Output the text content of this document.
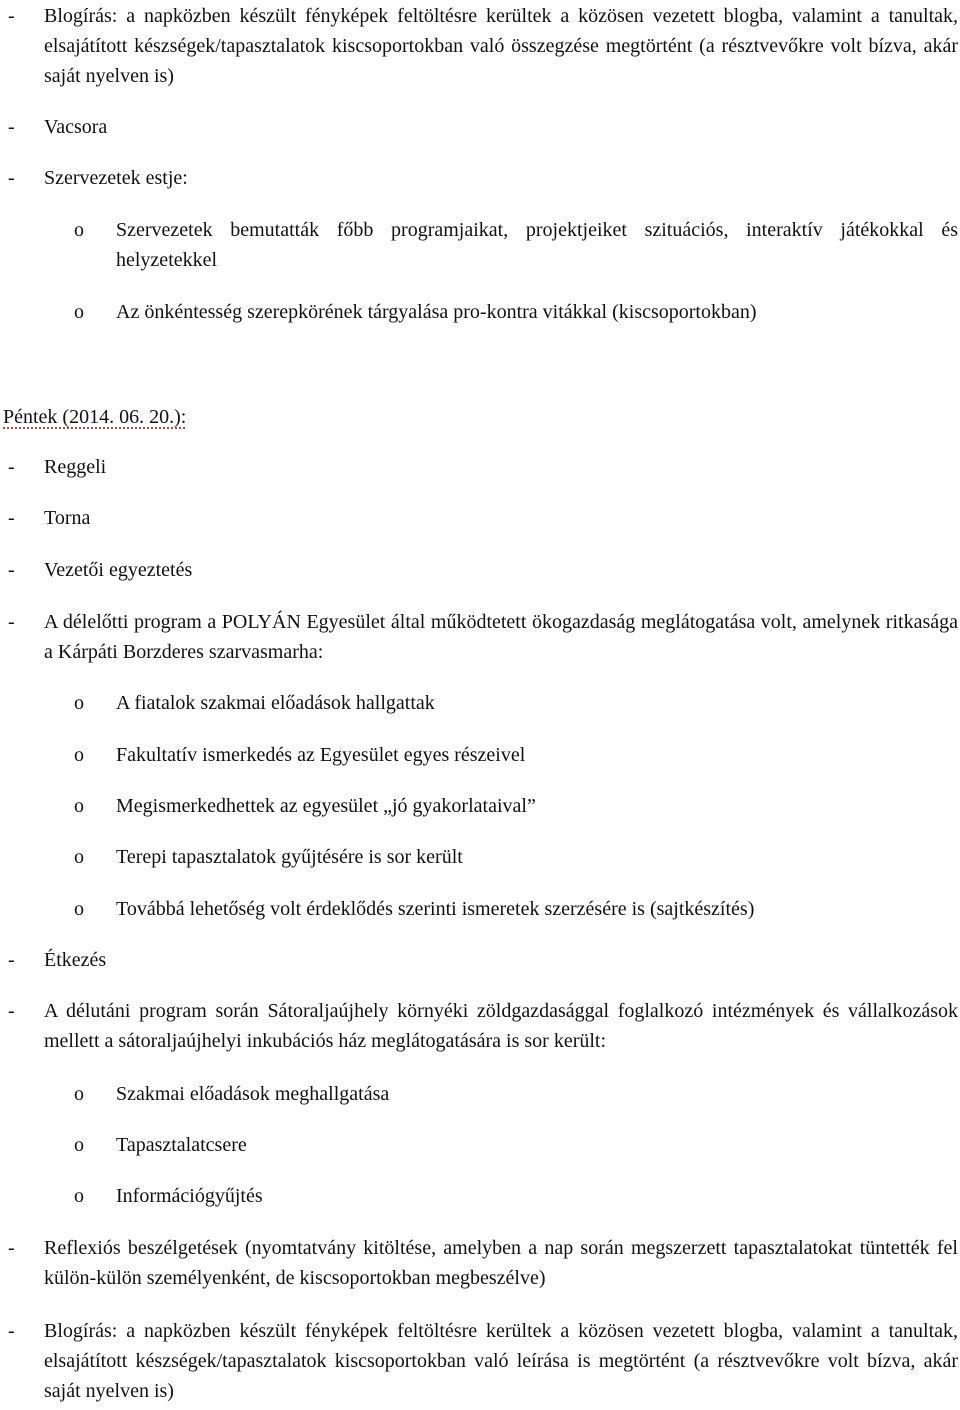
- Blogírás: a napközben készült fényképek feltöltésre kerültek a közösen vezetett blogba, valamint a tanultak, elsajátított készségek/tapasztalatok kiscsoportokban való összegzése megtörtént (a résztvevőkre volt bízva, akár saját nyelven is)

- Vacsora

- Szervezetek estje:

o Szervezetek bemutatták főbb programjaikat, projektjeiket szituációs, interaktív játékokkal és helyzetekkel

o Az önkéntesség szerepkörének tárgyalása pro-kontra vitákkal (kiscsoportokban)

Péntek (2014. 06. 20.):

- Reggeli

- Torna

- Vezetői egyeztetés

- A délelőtti program a POLYÁN Egyesület által működtetett ökogazdaság meglátogatása volt, amelynek ritkasága a Kárpáti Borzderes szarvasmarha:

o A fiatalok szakmai előadások hallgattak

o Fakultatív ismerkedés az Egyesület egyes részeivel

o Megismerkedhettek az egyesület „jó gyakorlataival”

o Terepi tapasztalatok gyűjtésére is sor került

o Továbbá lehetőség volt érdeklődés szerinti ismeretek szerzésére is (sajtkészítés)

- Étkezés

- A délutáni program során Sátoraljaújhely környéki zöldgazdasággal foglalkozó intézmények és vállalkozások mellett a sátoraljaújhelyi inkubációs ház meglátogatására is sor került:

o Szakmai előadások meghallgatása

o Tapasztalatcsere

o Információgyűjtés

- Reflexiós beszélgetések (nyomtatvány kitöltése, amelyben a nap során megszerzett tapasztalatokat tüntették fel külön-külön személyenként, de kiscsoportokban megbeszélve)

- Blogírás: a napközben készült fényképek feltöltésre kerültek a közösen vezetett blogba, valamint a tanultak, elsajátított készségek/tapasztalatok kiscsoportokban való leírása is megtörtént (a résztvevőkre volt bízva, akár saját nyelven is)
